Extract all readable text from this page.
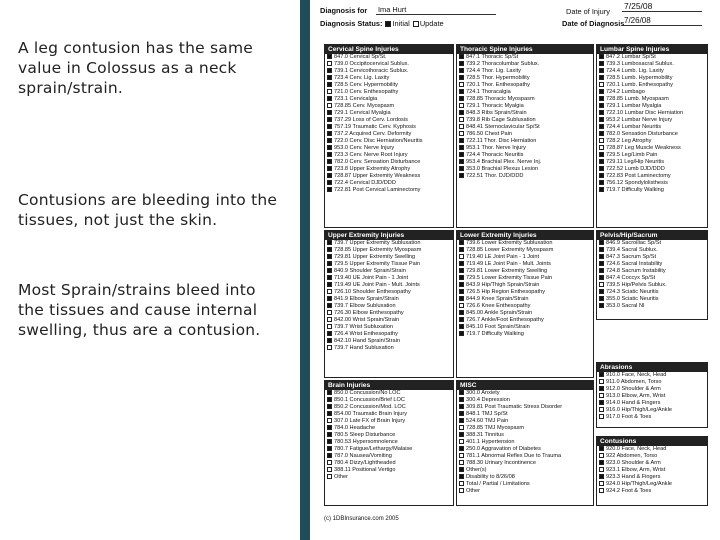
A leg contusion has the same value in Colossus as a neck sprain/strain.

Contusions are bleeding into the tissues, not just the skin.

Most Sprain/strains bleed into the tissues and cause internal swelling, thus are a contusion.

Diagnosis for Ima Hurt	Date of Injury
7/25/08
Diagnosis Status: Initial Update	Date of Diagnosis 7/26/08
Cervical Spine Injuries
847.0 Cervical Sp/St.
739.0 Occipitocervical Sublux.
739.1 Cervicothoracic Sublux.
723.4 Cerv. Lig. Laxity
728.5 Cerv. Hypermobility
721.0 Cerv. Enthesopathy
723.1 Cervicalgia
728.85 Cerv. Myospasm
729.1 Cervical Myalgia
737.29 Loss of Cerv. Lordosis
757.19 Traumatic Cerv. Kyphosis
737.2 Acquired Cerv. Deformity
722.0 Cerv. Disc Herniation/Neuritis
953.0 Cerv. Nerve Injury
723.3 Cerv. Nerve Root Injury
782.0 Cerv. Sensation Disturbance
723.8 Upper Extremity Atrophy
728.87 Upper Extremity Weakness
722.4 Cervical DJD/DDD
722.81 Post Cervical Laminectomy
Thoracic Spine Injuries
847.1 Thoracic Sp/St
739.2 Thoracolumbar Sublux.
724.4 Thor. Lig. Laxity
728.5 Thor. Hypermobility
720.1 Thor. Enthesopathy
724.1 Thoracalgia
728.85 Thoracic Myospasm
729.1 Thoracic Myalgia
848.3 Ribs Sprain/Strain
739.8 Rib Cage Subluxation
848.41 Sternoclavicular Sp/St
786.50 Chest Pain
722.11 Thor. Disc Herniation
953.1 Thor. Nerve Injury
724.4 Thoracic Neuritis
953.4 Brachial Plex. Nerve Inj.
353.0 Brachial Plexus Lesion
722.51 Thor. DJD/DDD
Lumbar Spine Injuries
847.2 Lumbar Sp/St
739.3 Lumbosacral Sublux.
724.4 Lumb. Lig. Laxity
728.5 Lumb. Hypermobility
720.1 Lumb. Enthesopathy
724.2 Lumbago
728.85 Lumb. Myospasm
729.1 Lumbar Myalgia
722.10 Lumbar Disc Herniation
953.2 Lumbar Nerve Injury
724.4 Lumbar Neuritis
782.0 Sensation Disturbance
728.2 Leg Atrophy
728.87 Leg Muscle Weakness
729.5 Leg/Limb Pain
729.11 Leg/Hip Neuritis
722.52 Lumb DJD/DDD
722.83 Post Laminectomy
756.12 Spondylolisthesis
719.7 Difficulty Walking
Upper Extremity Injuries
739.7 Upper Extremity Subluxation
728.85 Upper Extremity Myospasm
729.81 Upper Extremity Swelling
729.5 Upper Extremity Tissue Pain
840.9 Shoulder Sprain/Strain
719.40 UE Joint Pain - 1 Joint
719.49 UE Joint Pain - Mult. Joints
726.10 Shoulder Enthesopathy
841.9 Elbow Sprain/Strain
739.7 Elbow Subluxation
726.30 Elbow Enthesopathy
842.00 Wrist Sprain/Strain
739.7 Wrist Subluxation
726.4 Wrist Enthesopathy
842.10 Hand Sprain/Strain
739.7 Hand Subluxation
Lower Extremity Injuries
739.6 Lower Extremity Subluxation
728.85 Lower Extremity Myospasm
719.40 LE Joint Pain - 1 Joint
719.49 LE Joint Pain - Mult. Joints
729.81 Lower Extremity Swelling
729.5 Lower Extremity Tissue Pain
843.9 Hip/Thigh Sprain/Strain
726.5 Hip Region Enthesopathy
844.9 Knee Sprain/Strain
726.6 Knee Enthesopathy
845.00 Ankle Sprain/Strain
726.7 Ankle/Foot Enthesopathy
845.10 Foot Sprain/Strain
719.7 Difficulty Walking
Pelvis/Hip/Sacrum
846.9 Sacroiliac Sp/St
739.4 Sacral Sublux.
847.3 Sacrum Sp/St
724.6 Sacral Instability
724.8 Sacrum Instability
847.4 Coccyx Sp/St
739.5 Hip/Pelvis Sublux.
724.3 Sciatic Neuritis
355.0 Sciatic Neuritis
353.0 Sacral NI
Abrasions
910.0 Face, Neck, Head
911.0 Abdomen, Torso
912.0 Shoulder & Arm
913.0 Elbow, Arm, Wrist
914.0 Hand & Fingers
916.0 Hip/Thigh/Leg/Ankle
917.0 Foot & Toes
Brain Injuries
850.0 Concussion/No LOC
850.1 Concussion/Brief LOC
850.2 Concussion/Mod. LOC
854.00 Traumatic Brain Injury
307.0 Late FX of Brain Injury
784.0 Headache
780.5 Sleep Disturbance
780.53 Hypersomnolence
780.7 Fatigue/Lethargy/Malaise
787.0 Nausea/Vomiting
780.4 Dizzy/Lightheaded
388.11 Positional Vertigo
Other
MISC
300.0 Anxiety
300.4 Depression
309.81 Post Traumatic Stress Disorder
848.1 TMJ Sp/St
524.60 TMJ Pain
728.85 TMJ Myospasm
388.31 Tinnitus
401.1 Hypertension
250.0 Aggravation of Diabetes
781.1 Abnormal Reflex Due to Trauma
788.30 Urinary Incontinence
Other(s)
Disability to 8/26/08
Total / Partial / Limitations
Other
Contusions
920.0 Face, Neck, Head
922 Abdomen, Torso
923.0 Shoulder & Arm
923.1 Elbow, Arm, Wrist
923.3 Hand & Fingers
924.0 Hip/Thigh/Leg/Ankle
924.2 Foot & Toes
(c) 1DBInsurance.com 2005
